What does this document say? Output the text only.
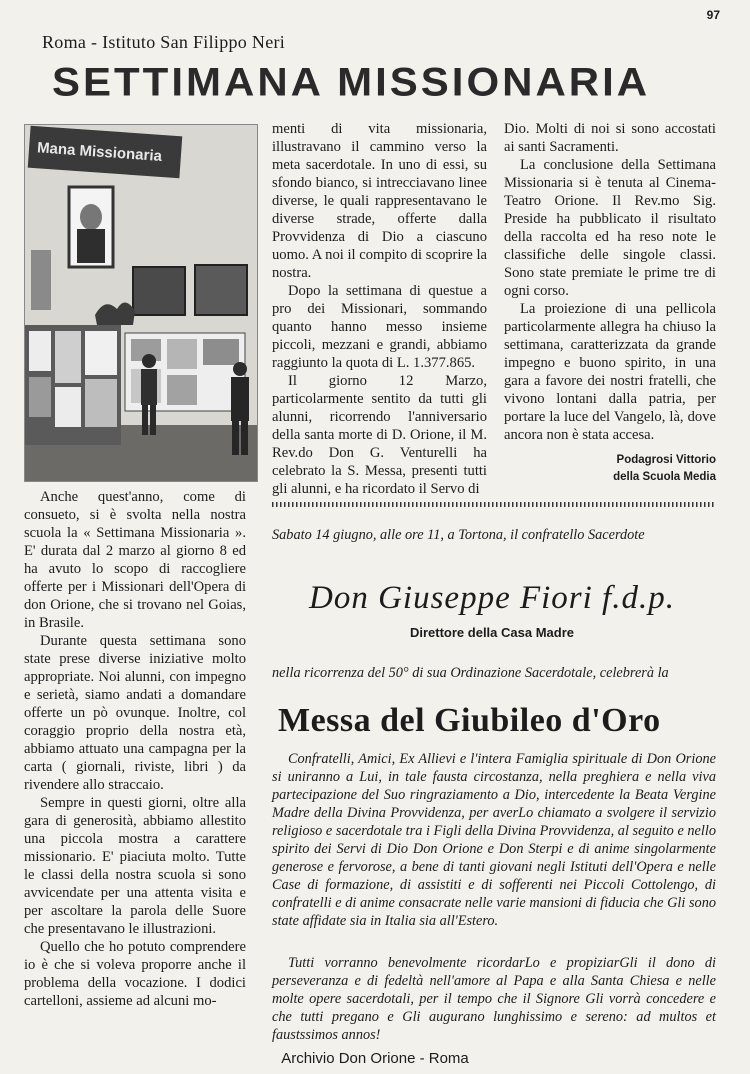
97
Roma - Istituto San Filippo Neri
SETTIMANA MISSIONARIA
Mana Missionaria

Anche quest'anno, come di consueto, si è svolta nella nostra scuola la « Settimana Missionaria ». E' durata dal 2 marzo al giorno 8 ed ha avuto lo scopo di raccogliere offerte per i Missionari dell'Opera di don Orione, che si trovano nel Goias, in Brasile.

Durante questa settimana sono state prese diverse iniziative molto appropriate. Noi alunni, con impegno e serietà, siamo andati a domandare offerte un pò ovunque. Inoltre, col coraggio proprio della nostra età, abbiamo attuato una campagna per la carta ( giornali, riviste, libri ) da rivendere allo straccaio.

Sempre in questi giorni, oltre alla gara di generosità, abbiamo allestito una piccola mostra a carattere missionario. E' piaciuta molto. Tutte le classi della nostra scuola si sono avvicendate per una attenta visita e per ascoltare la parola delle Suore che presentavano le illustrazioni.

Quello che ho potuto comprendere io è che si voleva proporre anche il problema della vocazione. I dodici cartelloni, assieme ad alcuni mo-

menti di vita missionaria, illustravano il cammino verso la meta sacerdotale. In uno di essi, su sfondo bianco, si intrecciavano linee diverse, le quali rappresentavano le diverse strade, offerte dalla Provvidenza di Dio a ciascuno uomo. A noi il compito di scoprire la nostra.

Dopo la settimana di questue a pro dei Missionari, sommando quanto hanno messo insieme piccoli, mezzani e grandi, abbiamo raggiunto la quota di L. 1.377.865.

Il giorno 12 Marzo, particolarmente sentito da tutti gli alunni, ricorrendo l'anniversario della santa morte di D. Orione, il M. Rev.do Don G. Venturelli ha celebrato la S. Messa, presenti tutti gli alunni, e ha ricordato il Servo di

Dio. Molti di noi si sono accostati ai santi Sacramenti.

La conclusione della Settimana Missionaria si è tenuta al Cinema-Teatro Orione. Il Rev.mo Sig. Preside ha pubblicato il risultato della raccolta ed ha reso note le classifiche delle singole classi. Sono state premiate le prime tre di ogni corso.

La proiezione di una pellicola particolarmente allegra ha chiuso la settimana, caratterizzata da grande impegno e buono spirito, in una gara a favore dei nostri fratelli, che vivono lontani dalla patria, per portare la luce del Vangelo, là, dove ancora non è stata accesa.

Podagrosi Vittorio
della Scuola Media
Sabato 14 giugno, alle ore 11, a Tortona, il confratello Sacerdote
Don Giuseppe Fiori f.d.p.
Direttore della Casa Madre
nella ricorrenza del 50° di sua Ordinazione Sacerdotale, celebrerà la
Messa del Giubileo d'Oro
Confratelli, Amici, Ex Allievi e l'intera Famiglia spirituale di Don Orione si uniranno a Lui, in tale fausta circostanza, nella preghiera e nella viva partecipazione del Suo ringraziamento a Dio, intercedente la Beata Vergine Madre della Divina Provvidenza, per averLo chiamato a svolgere il servizio religioso e sacerdotale tra i Figli della Divina Provvidenza, al seguito e nello spirito dei Servi di Dio Don Orione e Don Sterpi e di anime singolarmente generose e fervorose, a bene di tanti giovani negli Istituti dell'Opera e nelle Case di formazione, di assistiti e di sofferenti nei Piccoli Cottolengo, di confratelli e di anime consacrate nelle varie mansioni di fiducia che Gli sono state affidate sia in Italia sia all'Estero.
Tutti vorranno benevolmente ricordarLo e propiziarGli il dono di perseveranza e di fedeltà nell'amore al Papa e alla Santa Chiesa e nelle molte opere sacerdotali, per il tempo che il Signore Gli vorrà concedere e che tutti pregano e Gli augurano lunghissimo e sereno: ad multos et faustssimos annos!
Archivio Don Orione - Roma
